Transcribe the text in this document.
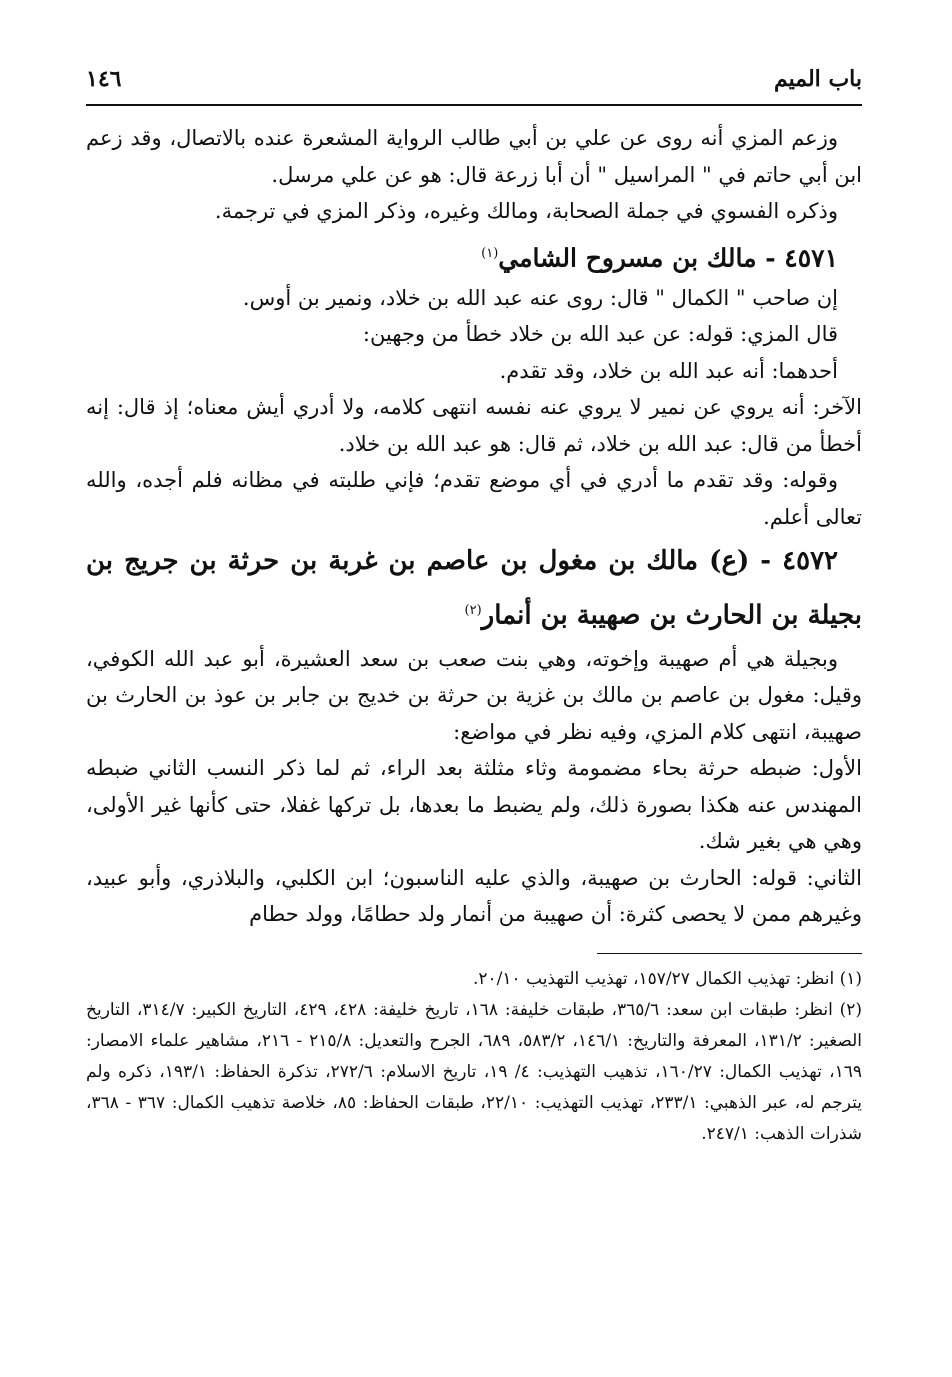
باب الميم
١٤٦

وزعم المزي أنه روى عن علي بن أبي طالب الرواية المشعرة عنده بالاتصال، وقد زعم ابن أبي حاتم في " المراسيل " أن أبا زرعة قال: هو عن علي مرسل.

وذكره الفسوي في جملة الصحابة، ومالك وغيره، وذكر المزي في ترجمة.

٤٥٧١ - مالك بن مسروح الشامي$^{(١)}$

إن صاحب " الكمال " قال: روى عنه عبد الله بن خلاد، ونمير بن أوس.

قال المزي: قوله: عن عبد الله بن خلاد خطأ من وجهين:

أحدهما: أنه عبد الله بن خلاد، وقد تقدم.

الآخر: أنه يروي عن نمير لا يروي عنه نفسه انتهى كلامه، ولا أدري أيش معناه؛ إذ قال: إنه أخطأ من قال: عبد الله بن خلاد، ثم قال: هو عبد الله بن خلاد.

وقوله: وقد تقدم ما أدري في أي موضع تقدم؛ فإني طلبته في مظانه فلم أجده، والله تعالى أعلم.

٤٥٧٢ - (ع) مالك بن مغول بن عاصم بن غربة بن حرثة بن جريج بن بجيلة بن الحارث بن صهيبة بن أنمار$^{(٢)}$

وبجيلة هي أم صهيبة وإخوته، وهي بنت صعب بن سعد العشيرة، أبو عبد الله الكوفي، وقيل: مغول بن عاصم بن مالك بن غزية بن حرثة بن خديج بن جابر بن عوذ بن الحارث بن صهيبة، انتهى كلام المزي، وفيه نظر في مواضع:

الأول: ضبطه حرثة بحاء مضمومة وثاء مثلثة بعد الراء، ثم لما ذكر النسب الثاني ضبطه المهندس عنه هكذا بصورة ذلك، ولم يضبط ما بعدها، بل تركها غفلا، حتى كأنها غير الأولى، وهي هي بغير شك.

الثاني: قوله: الحارث بن صهيبة، والذي عليه الناسبون؛ ابن الكلبي، والبلاذري، وأبو عبيد، وغيرهم ممن لا يحصى كثرة: أن صهيبة من أنمار ولد حطامًا، وولد حطام

(١) انظر: تهذيب الكمال ١٥٧/٢٧، تهذيب التهذيب ٢٠/١٠.

(٢) انظر: طبقات ابن سعد: ٣٦٥/٦، طبقات خليفة: ١٦٨، تاريخ خليفة: ٤٢٨، ٤٢٩، التاريخ الكبير: ٣١٤/٧، التاريخ الصغير: ١٣١/٢، المعرفة والتاريخ: ١٤٦/١، ٥٨٣/٢، ٦٨٩، الجرح والتعديل: ٢١٥/٨ - ٢١٦، مشاهير علماء الامصار: ١٦٩، تهذيب الكمال: ١٦٠/٢٧، تذهيب التهذيب: ٤/ ١٩، تاريخ الاسلام: ٢٧٢/٦، تذكرة الحفاظ: ١٩٣/١، ذكره ولم يترجم له، عبر الذهبي: ٢٣٣/١، تهذيب التهذيب: ٢٢/١٠، طبقات الحفاظ: ٨٥، خلاصة تذهيب الكمال: ٣٦٧ - ٣٦٨، شذرات الذهب: ٢٤٧/١.
